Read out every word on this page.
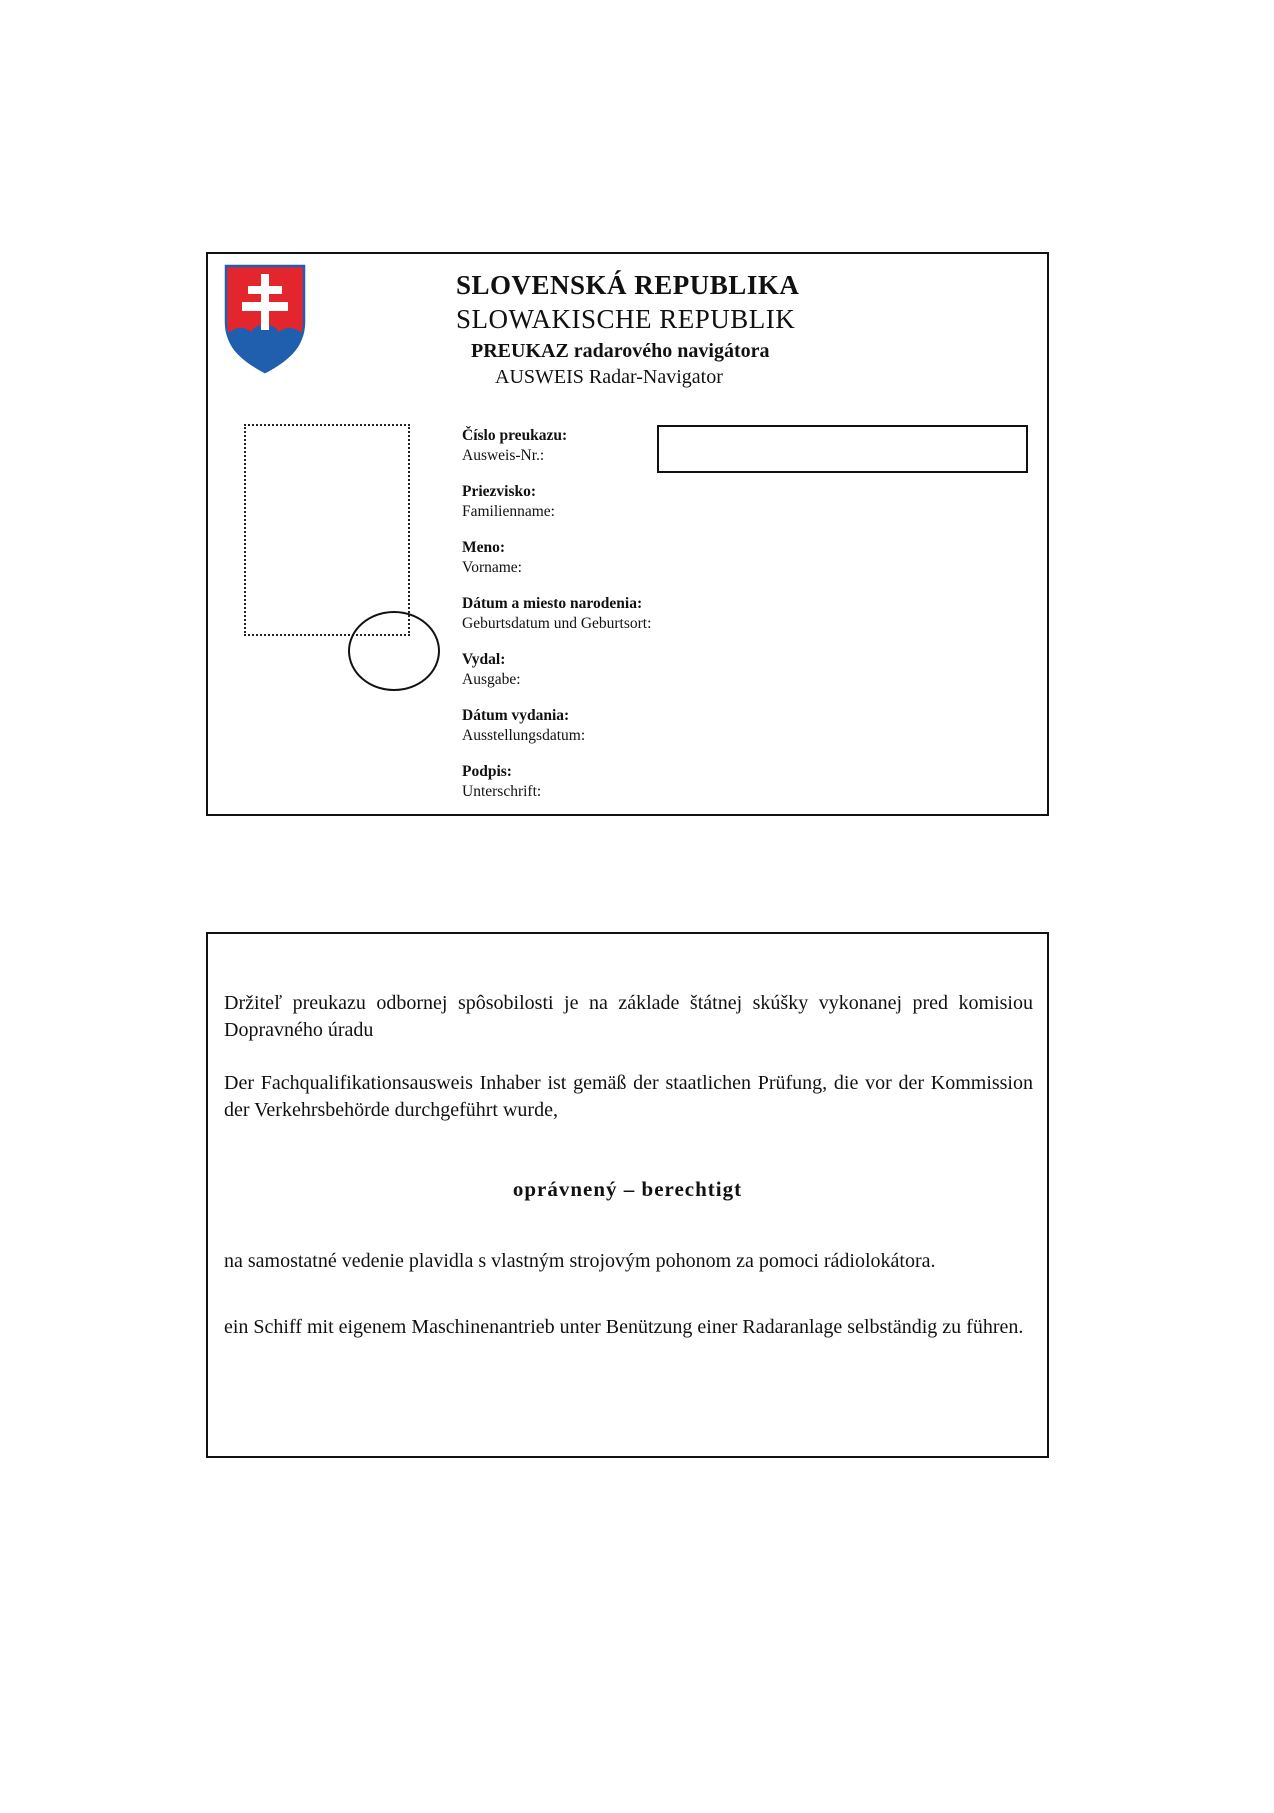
SLOVENSKÁ REPUBLIKA
SLOWAKISCHE REPUBLIK
PREUKAZ radarového navigátora
AUSWEIS Radar-Navigator
Číslo preukazu:
Ausweis-Nr.:
Priezvisko:
Familienname:
Meno:
Vorname:
Dátum a miesto narodenia:
Geburtsdatum und Geburtsort:
Vydal:
Ausgabe:
Dátum vydania:
Ausstellungsdatum:
Podpis:
Unterschrift:
Držiteľ preukazu odbornej spôsobilosti je na základe štátnej skúšky vykonanej pred komisiou Dopravného úradu
Der Fachqualifikationsausweis Inhaber ist gemäß der staatlichen Prüfung, die vor der Kommission der Verkehrsbehörde durchgeführt wurde,
oprávnený – berechtigt
na samostatné vedenie plavidla s vlastným strojovým pohonom za pomoci rádiolokátora.
ein Schiff mit eigenem Maschinenantrieb unter Benützung einer Radaranlage selbständig zu führen.
